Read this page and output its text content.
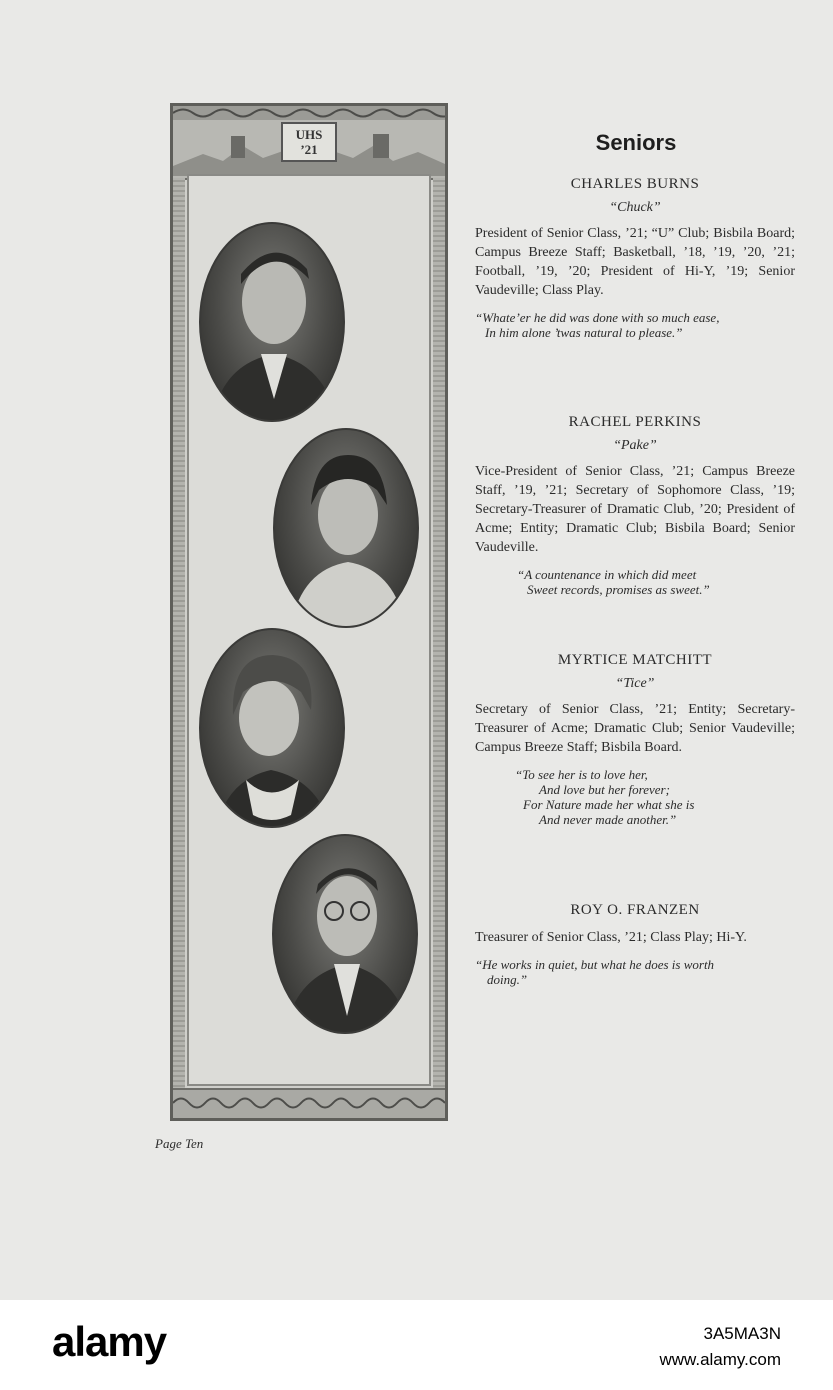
UHS
’21	Seniors

CHARLES BURNS

“Chuck”

President of Senior Class, ’21; “U” Club; Bisbila Board; Campus Breeze Staff; Basketball, ’18, ’19, ’20, ’21; Football, ’19, ’20; President of Hi-Y, ’19; Senior Vaudeville; Class Play.

“Whate’er he did was done with so much ease,
In him alone ’twas natural to please.”

RACHEL PERKINS

“Pake”

Vice-President of Senior Class, ’21; Campus Breeze Staff, ’19, ’21; Secretary of Sophomore Class, ’19; Secretary-Treasurer of Dramatic Club, ’20; President of Acme; Entity; Dramatic Club; Bisbila Board; Senior Vaudeville.

“A countenance in which did meet
Sweet records, promises as sweet.”

MYRTICE MATCHITT

“Tice”

Secretary of Senior Class, ’21; Entity; Secretary-Treasurer of Acme; Dramatic Club; Senior Vaudeville; Campus Breeze Staff; Bisbila Board.

“To see her is to love her,
And love but her forever;
For Nature made her what she is
And never made another.”

ROY O. FRANZEN

Treasurer of Senior Class, ’21; Class Play; Hi-Y.

“He works in quiet, but what he does is worth
doing.”

Page Ten
alamy	3A5MA3N
www.alamy.com
